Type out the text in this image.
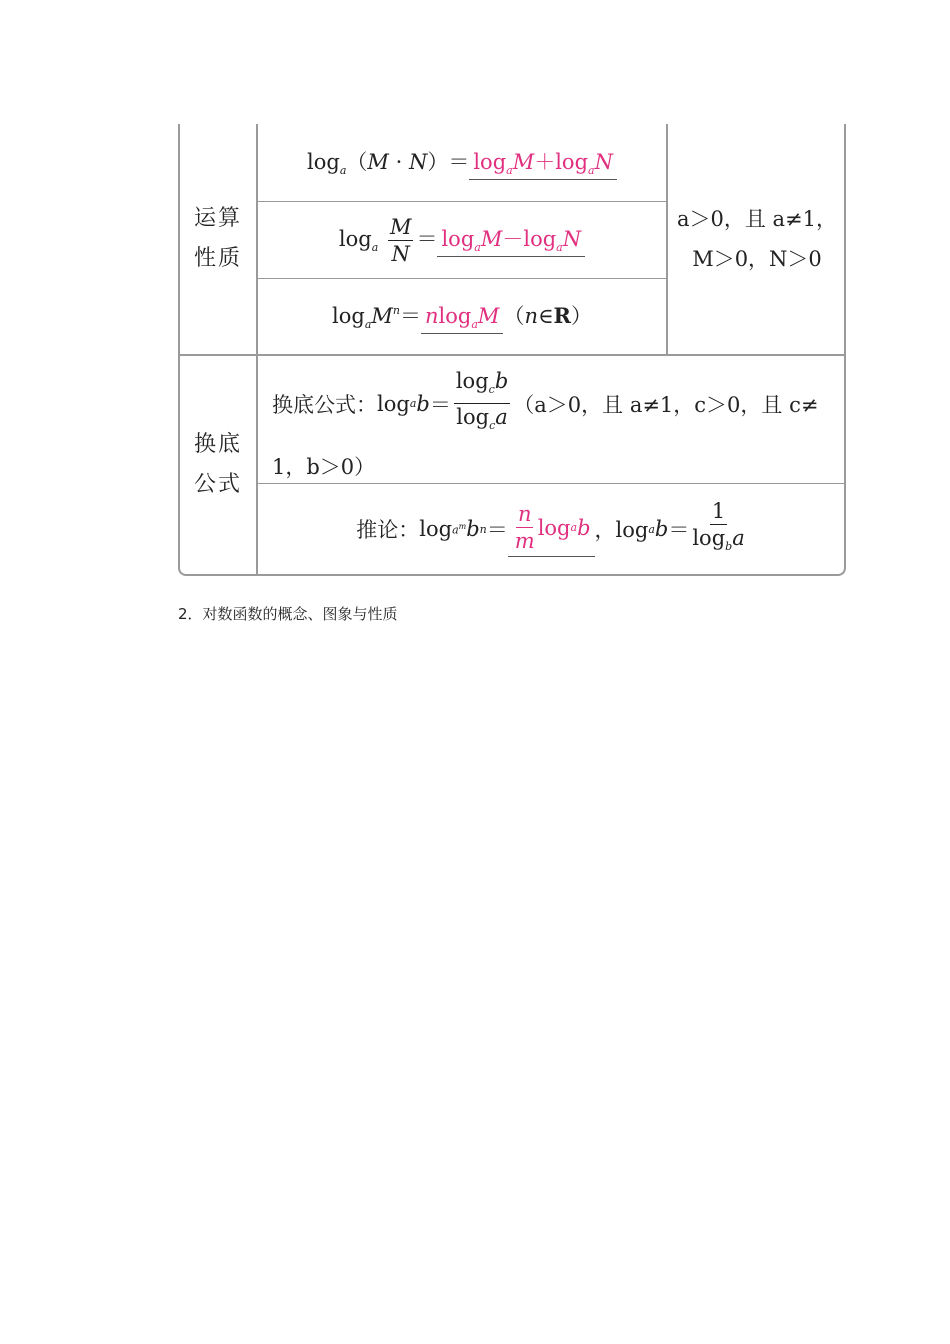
运算
性质
换底
公式
$\log_a(M \cdot N)= \log_aM+\log_aN$
$\log_a \frac{M}{N} = \log_aM-\log_aN$
$\log_aM^n= nlog_aM$ （n∈R）
a＞0，且 a≠1，
M＞0，N＞0
换底公式： log a $b = \frac{\log_cb}{\log_ca} (a>0$，且 a≠1，c＞0，且 c≠
1，b＞0）
推论： $\log a^m$ b $n = \frac{n}{m}$ log a b ，log a $b = \frac{1}{\log_ba}$
2．对数函数的概念、图象与性质
